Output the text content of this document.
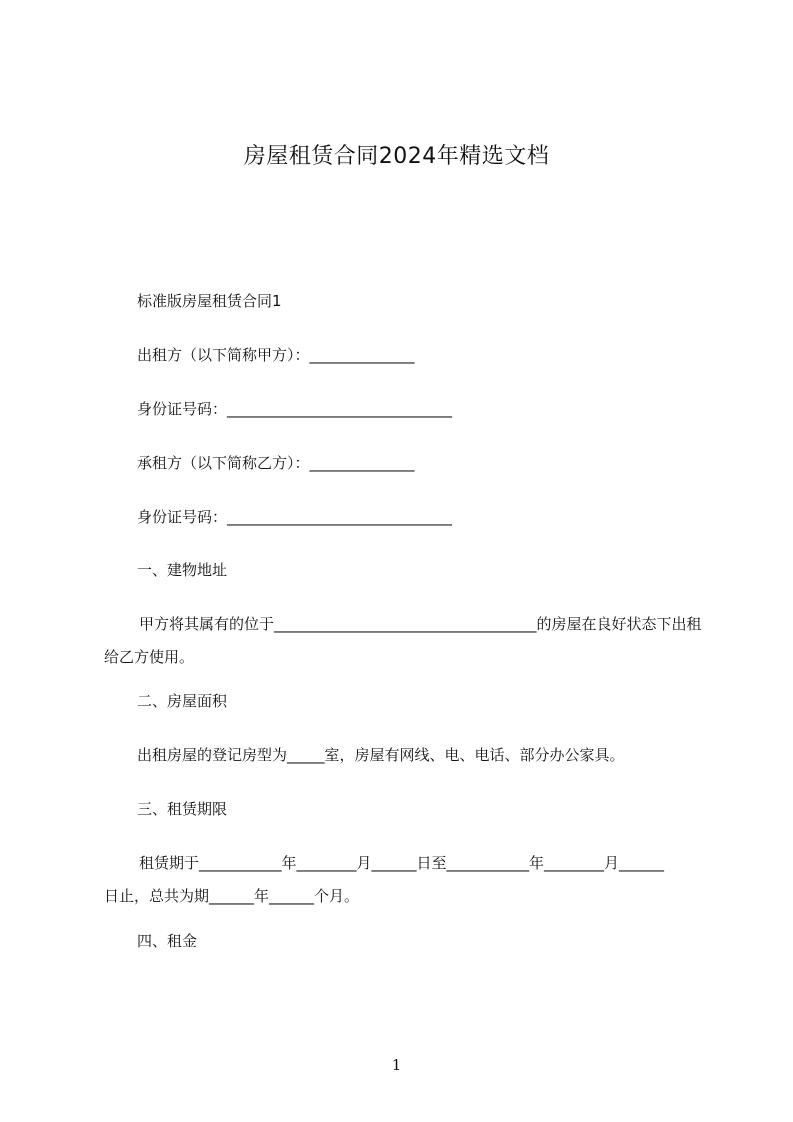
房屋租赁合同2024年精选文档
标准版房屋租赁合同1
出租方（以下简称甲方）：______________
身份证号码：______________________________
承租方（以下简称乙方）：______________
身份证号码：______________________________
一、建物地址
甲方将其属有的位于___________________________________的房屋在良好状态下出租
给乙方使用。
二、房屋面积
出租房屋的登记房型为_____室，房屋有网线、电、电话、部分办公家具。
三、租赁期限
租赁期于___________年________月______日至___________年________月______
日止，总共为期______年______个月。
四、租金
1
